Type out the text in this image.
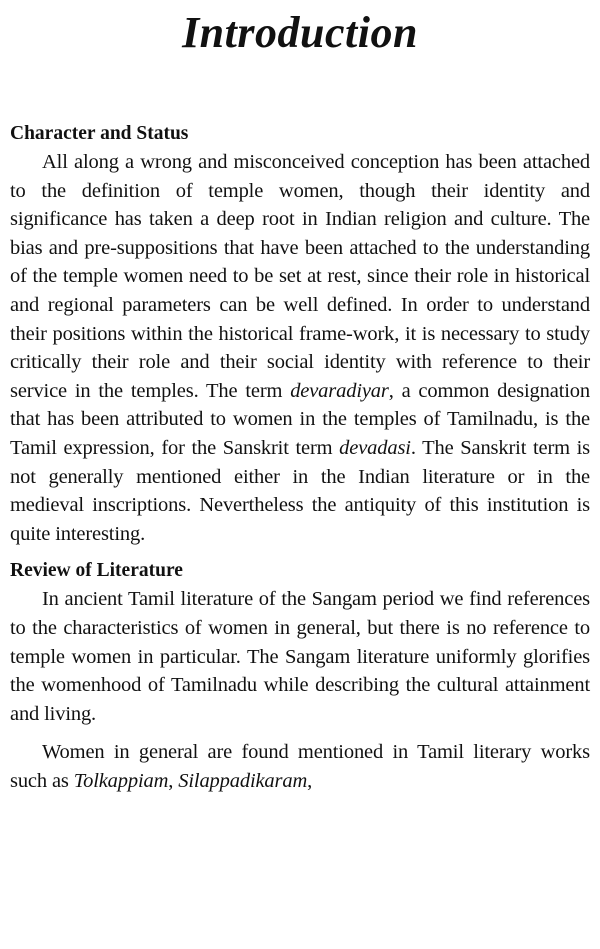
Introduction
Character and Status

All along a wrong and misconceived conception has been attached to the definition of temple women, though their identity and significance has taken a deep root in Indian religion and culture. The bias and pre-suppositions that have been attached to the understanding of the temple women need to be set at rest, since their role in historical and regional parameters can be well defined. In order to understand their positions within the historical frame-work, it is necessary to study critically their role and their social identity with reference to their service in the temples. The term devaradiyar, a common designation that has been attributed to women in the temples of Tamilnadu, is the Tamil expression, for the Sanskrit term devadasi. The Sanskrit term is not generally mentioned either in the Indian literature or in the medieval inscriptions. Nevertheless the antiquity of this institution is quite interesting.

Review of Literature

In ancient Tamil literature of the Sangam period we find references to the characteristics of women in general, but there is no reference to temple women in particular. The Sangam literature uniformly glorifies the womenhood of Tamilnadu while describing the cultural attainment and living.

Women in general are found mentioned in Tamil literary works such as Tolkappiam, Silappadikaram,
